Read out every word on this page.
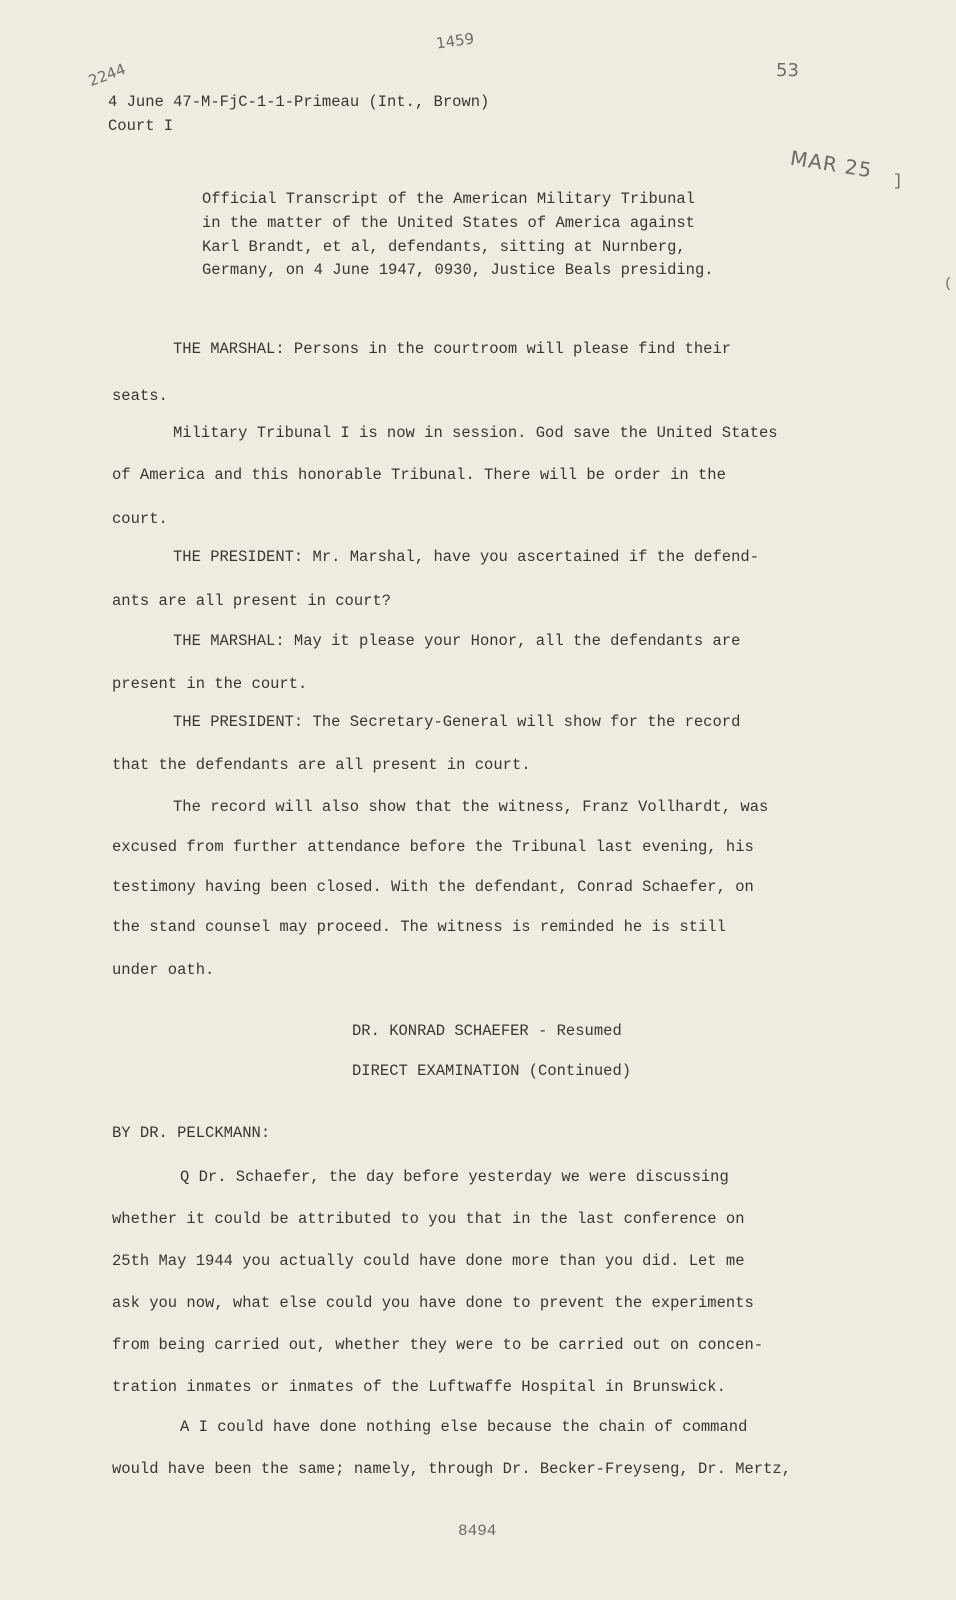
2244
1459
53
MAR 25 ]
(
4 June 47-M-FjC-1-1-Primeau (Int., Brown)
Court I
Official Transcript of the American Military Tribunal
in the matter of the United States of America against
Karl Brandt, et al, defendants, sitting at Nurnberg,
Germany, on 4 June 1947, 0930, Justice Beals presiding.
THE MARSHAL: Persons in the courtroom will please find their
seats.
Military Tribunal I is now in session. God save the United States
of America and this honorable Tribunal. There will be order in the
court.
THE PRESIDENT: Mr. Marshal, have you ascertained if the defend-
ants are all present in court?
THE MARSHAL: May it please your Honor, all the defendants are
present in the court.
THE PRESIDENT: The Secretary-General will show for the record
that the defendants are all present in court.
The record will also show that the witness, Franz Vollhardt, was
excused from further attendance before the Tribunal last evening, his
testimony having been closed. With the defendant, Conrad Schaefer, on
the stand counsel may proceed. The witness is reminded he is still
under oath.
DR. KONRAD SCHAEFER - Resumed
DIRECT EXAMINATION (Continued)
BY DR. PELCKMANN:
Q Dr. Schaefer, the day before yesterday we were discussing
whether it could be attributed to you that in the last conference on
25th May 1944 you actually could have done more than you did. Let me
ask you now, what else could you have done to prevent the experiments
from being carried out, whether they were to be carried out on concen-
tration inmates or inmates of the Luftwaffe Hospital in Brunswick.
A I could have done nothing else because the chain of command
would have been the same; namely, through Dr. Becker-Freyseng, Dr. Mertz,
8494
